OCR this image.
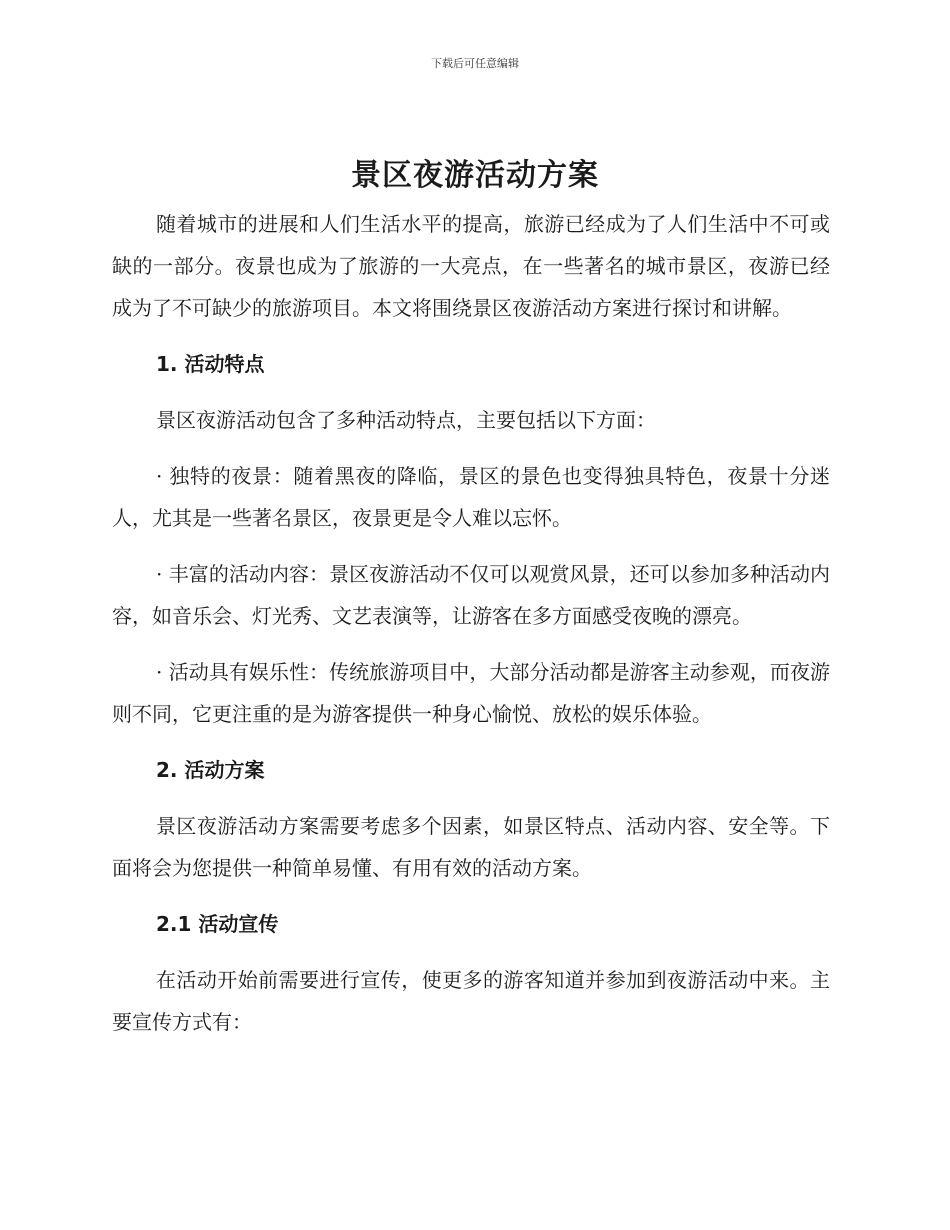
下载后可任意编辑
景区夜游活动方案

随着城市的进展和人们生活水平的提高，旅游已经成为了人们生活中不可或缺的一部分。夜景也成为了旅游的一大亮点，在一些著名的城市景区，夜游已经成为了不可缺少的旅游项目。本文将围绕景区夜游活动方案进行探讨和讲解。

1. 活动特点

景区夜游活动包含了多种活动特点，主要包括以下方面：

· 独特的夜景：随着黑夜的降临，景区的景色也变得独具特色，夜景十分迷人，尤其是一些著名景区，夜景更是令人难以忘怀。

· 丰富的活动内容：景区夜游活动不仅可以观赏风景，还可以参加多种活动内容，如音乐会、灯光秀、文艺表演等，让游客在多方面感受夜晚的漂亮。

· 活动具有娱乐性：传统旅游项目中，大部分活动都是游客主动参观，而夜游则不同，它更注重的是为游客提供一种身心愉悦、放松的娱乐体验。

2. 活动方案

景区夜游活动方案需要考虑多个因素，如景区特点、活动内容、安全等。下面将会为您提供一种简单易懂、有用有效的活动方案。

2.1 活动宣传

在活动开始前需要进行宣传，使更多的游客知道并参加到夜游活动中来。主要宣传方式有：
